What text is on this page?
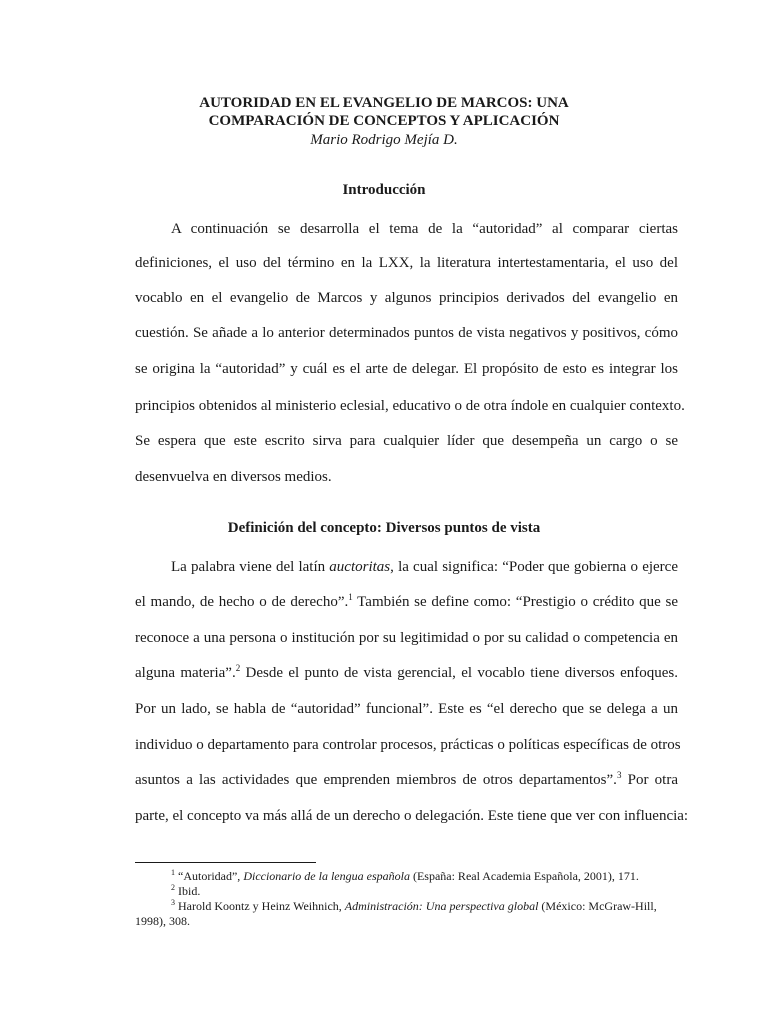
AUTORIDAD EN EL EVANGELIO DE MARCOS: UNA
COMPARACIÓN DE CONCEPTOS Y APLICACIÓN
Mario Rodrigo Mejía D.
Introducción
A continuación se desarrolla el tema de la “autoridad” al comparar ciertas
definiciones, el uso del término en la LXX, la literatura intertestamentaria, el uso del
vocablo en el evangelio de Marcos y algunos principios derivados del evangelio en
cuestión. Se añade a lo anterior determinados puntos de vista negativos y positivos, cómo
se origina la “autoridad” y cuál es el arte de delegar. El propósito de esto es integrar los
principios obtenidos al ministerio eclesial, educativo o de otra índole en cualquier contexto.
Se espera que este escrito sirva para cualquier líder que desempeña un cargo o se
desenvuelva en diversos medios.
Definición del concepto: Diversos puntos de vista
La palabra viene del latín auctoritas, la cual significa: “Poder que gobierna o ejerce
el mando, de hecho o de derecho”.$^1$ También se define como: “Prestigio o crédito que se
reconoce a una persona o institución por su legitimidad o por su calidad o competencia en
alguna materia”.$^2$ Desde el punto de vista gerencial, el vocablo tiene diversos enfoques.
Por un lado, se habla de “autoridad” funcional”. Este es “el derecho que se delega a un
individuo o departamento para controlar procesos, prácticas o políticas específicas de otros
asuntos a las actividades que emprenden miembros de otros departamentos”.$^3$ Por otra
parte, el concepto va más allá de un derecho o delegación. Este tiene que ver con influencia:
$^1$ “Autoridad”, Diccionario de la lengua española (España: Real Academia Española, 2001), 171.
$^2$ Ibid.
$^3$ Harold Koontz y Heinz Weihnich, Administración: Una perspectiva global (México: McGraw-Hill,
1998), 308.
